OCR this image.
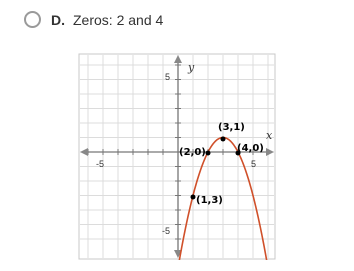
D. Zeros: 2 and 4
y
x
-5	5
5
-5
(3,1)
(2,0)	(4,0)
(1,3)
